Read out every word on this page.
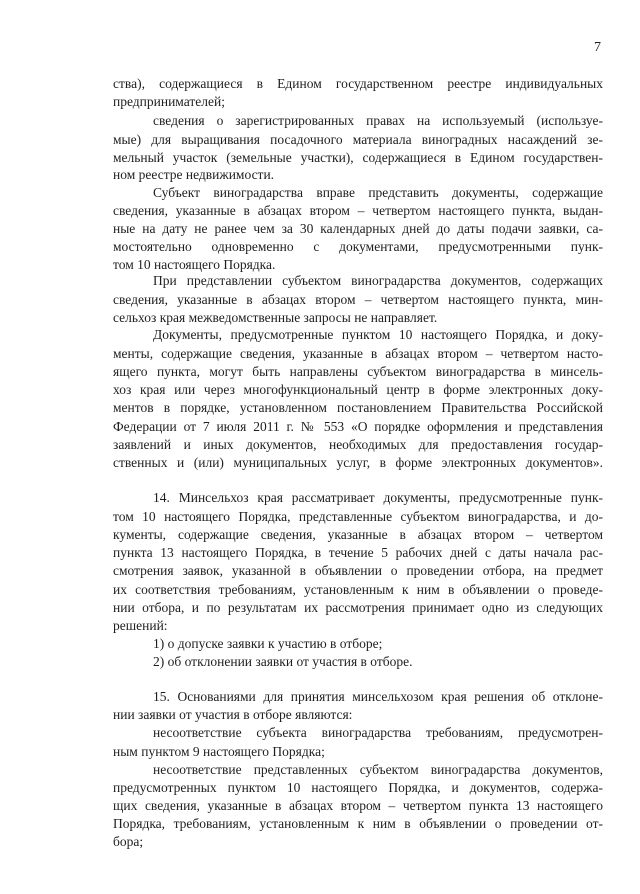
7
ства), содержащиеся в Едином государственном реестре индивидуальных
предпринимателей;
сведения о зарегистрированных правах на используемый (используе-
мые) для выращивания посадочного материала виноградных насаждений зе-
мельный участок (земельные участки), содержащиеся в Едином государствен-
ном реестре недвижимости.
Субъект виноградарства вправе представить документы, содержащие
сведения, указанные в абзацах втором – четвертом настоящего пункта, выдан-
ные на дату не ранее чем за 30 календарных дней до даты подачи заявки, са-
мостоятельно одновременно с документами, предусмотренными пунк-
том 10 настоящего Порядка.
При представлении субъектом виноградарства документов, содержащих
сведения, указанные в абзацах втором – четвертом настоящего пункта, мин-
сельхоз края межведомственные запросы не направляет.
Документы, предусмотренные пунктом 10 настоящего Порядка, и доку-
менты, содержащие сведения, указанные в абзацах втором – четвертом насто-
ящего пункта, могут быть направлены субъектом виноградарства в минсель-
хоз края или через многофункциональный центр в форме электронных доку-
ментов в порядке, установленном постановлением Правительства Российской
Федерации от 7 июля 2011 г. № 553 «О порядке оформления и представления
заявлений и иных документов, необходимых для предоставления государ-
ственных и (или) муниципальных услуг, в форме электронных документов».
14. Минсельхоз края рассматривает документы, предусмотренные пунк-
том 10 настоящего Порядка, представленные субъектом виноградарства, и до-
кументы, содержащие сведения, указанные в абзацах втором – четвертом
пункта 13 настоящего Порядка, в течение 5 рабочих дней с даты начала рас-
смотрения заявок, указанной в объявлении о проведении отбора, на предмет
их соответствия требованиям, установленным к ним в объявлении о проведе-
нии отбора, и по результатам их рассмотрения принимает одно из следующих
решений:
1) о допуске заявки к участию в отборе;
2) об отклонении заявки от участия в отборе.
15. Основаниями для принятия минсельхозом края решения об отклоне-
нии заявки от участия в отборе являются:
несоответствие субъекта виноградарства требованиям, предусмотрен-
ным пунктом 9 настоящего Порядка;
несоответствие представленных субъектом виноградарства документов,
предусмотренных пунктом 10 настоящего Порядка, и документов, содержа-
щих сведения, указанные в абзацах втором – четвертом пункта 13 настоящего
Порядка, требованиям, установленным к ним в объявлении о проведении от-
бора;
